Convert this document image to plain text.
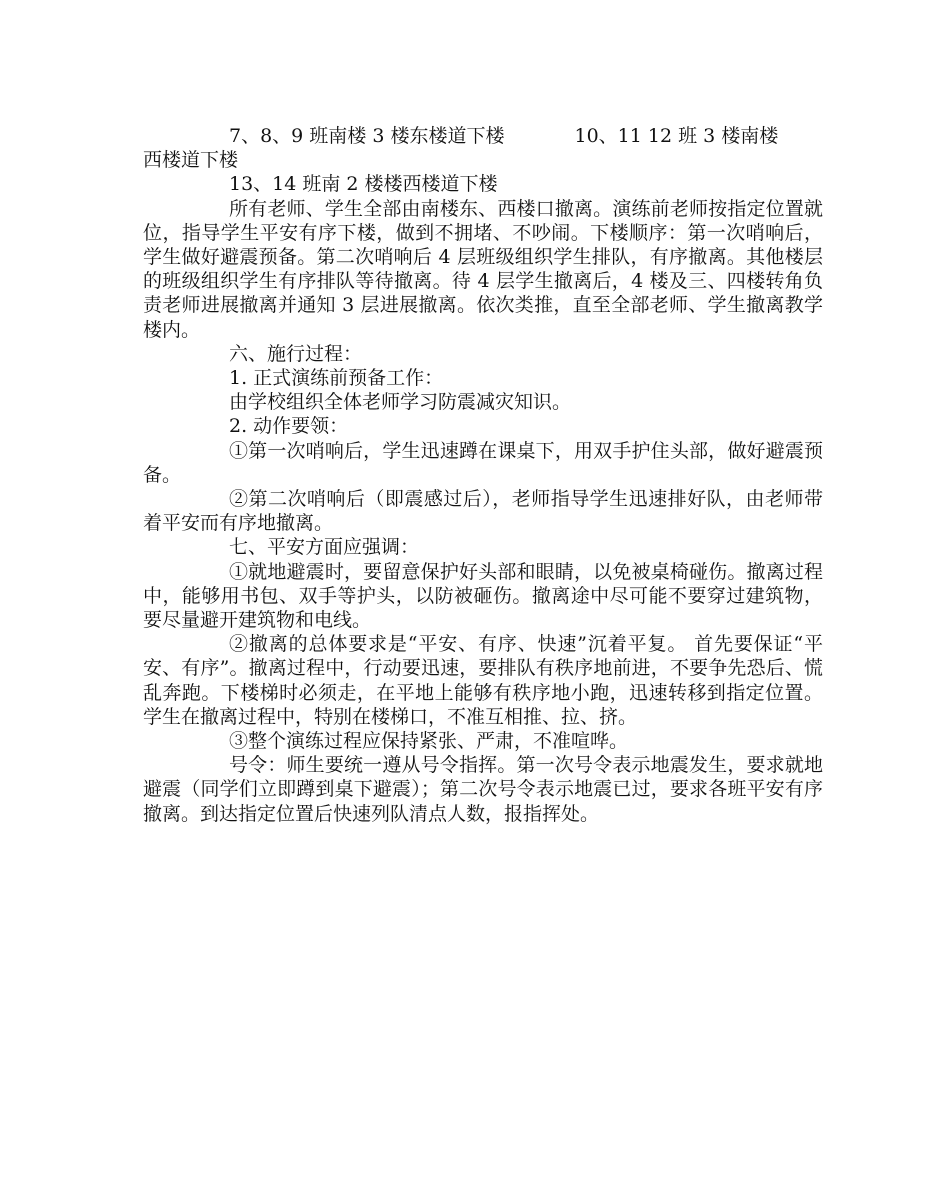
7、8、9 班南楼 3 楼东楼道下楼	10、11 12 班 3 楼南楼

西楼道下楼

13、14 班南 2 楼楼西楼道下楼

所有老师、学生全部由南楼东、西楼口撤离。演练前老师按指定位置就位，指导学生平安有序下楼，做到不拥堵、不吵闹。下楼顺序：第一次哨响后，学生做好避震预备。第二次哨响后 4 层班级组织学生排队，有序撤离。其他楼层的班级组织学生有序排队等待撤离。待 4 层学生撤离后，4 楼及三、四楼转角负责老师进展撤离并通知 3 层进展撤离。依次类推，直至全部老师、学生撤离教学楼内。

六、施行过程：

1. 正式演练前预备工作：

由学校组织全体老师学习防震减灾知识。

2. 动作要领：

①第一次哨响后，学生迅速蹲在课桌下，用双手护住头部，做好避震预备。

②第二次哨响后（即震感过后），老师指导学生迅速排好队，由老师带着平安而有序地撤离。

七、平安方面应强调：

①就地避震时，要留意保护好头部和眼睛，以免被桌椅碰伤。撤离过程中，能够用书包、双手等护头，以防被砸伤。撤离途中尽可能不要穿过建筑物，要尽量避开建筑物和电线。

②撤离的总体要求是“平安、有序、快速”沉着平复。 首先要保证“平安、有序”。撤离过程中，行动要迅速，要排队有秩序地前进，不要争先恐后、慌乱奔跑。下楼梯时必须走，在平地上能够有秩序地小跑，迅速转移到指定位置。学生在撤离过程中，特别在楼梯口，不准互相推、拉、挤。

③整个演练过程应保持紧张、严肃，不准喧哗。

号令：师生要统一遵从号令指挥。第一次号令表示地震发生，要求就地避震（同学们立即蹲到桌下避震）；第二次号令表示地震已过，要求各班平安有序撤离。到达指定位置后快速列队清点人数，报指挥处。
